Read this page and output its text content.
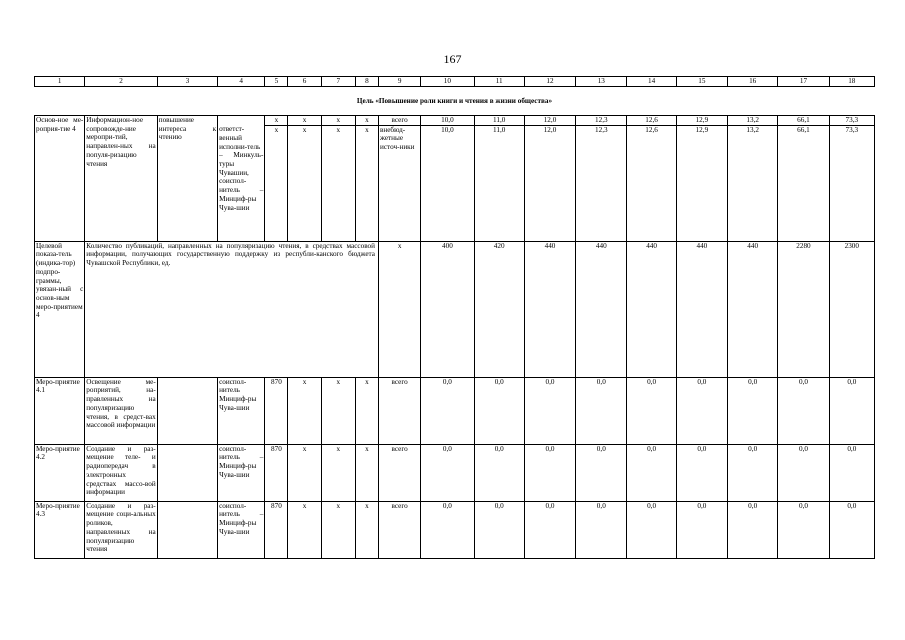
167
1	2	3	4	5	6	7	8	9	10	11	12	13	14	15	16	17	18
Цель «Повышение роли книги и чтения в жизни общества»																	
Основ-ное ме-роприя-тие 4	Информацион-ное сопровожде-ние меропри-тий, направлен-ных на популя-ризацию чтения	повышение интереса к чтению		х	х	х	х	всего	10,0	11,0	12,0	12,3	12,6	12,9	13,2	66,1	73,3
			ответст-венный исполни-тель – Минкуль-туры Чувашии, соиспол-нитель – Минциф-ры Чува-шии	х	х	х	х	внебюд-жетные источ-ники	10,0	11,0	12,0	12,3	12,6	12,9	13,2	66,1	73,3
Целевой показа-тель (индика-тор) подпро-граммы, увязан-ный с основ-ным меро-приятием 4	Количество публикаций, направленных на популяризацию чтения, в средствах массовой информации, получающих государственную поддержку из республи-канского бюджета Чувашской Республики, ед.							х	400	420	440	440	440	440	440	2280	2300
Меро-приятие 4.1	Освещение ме-роприятий, на-правленных на популяризацию чтения, в средст-вах массовой информации		соиспол-нитель Минциф-ры Чува-шии	870	х	х	х	всего	0,0	0,0	0,0	0,0	0,0	0,0	0,0	0,0	0,0
Меро-приятие 4.2	Создание и раз-мещение теле- и радиопередач в электронных средствах массо-вой информации		соиспол-нитель – Минциф-ры Чува-шии	870	х	х	х	всего	0,0	0,0	0,0	0,0	0,0	0,0	0,0	0,0	0,0
Меро-приятие 4.3	Создание и раз-мещение соци-альных роликов, направленных на популяризацию чтения		соиспол-нитель – Минциф-ры Чува-шии	870	х	х	х	всего	0,0	0,0	0,0	0,0	0,0	0,0	0,0	0,0	0,0
